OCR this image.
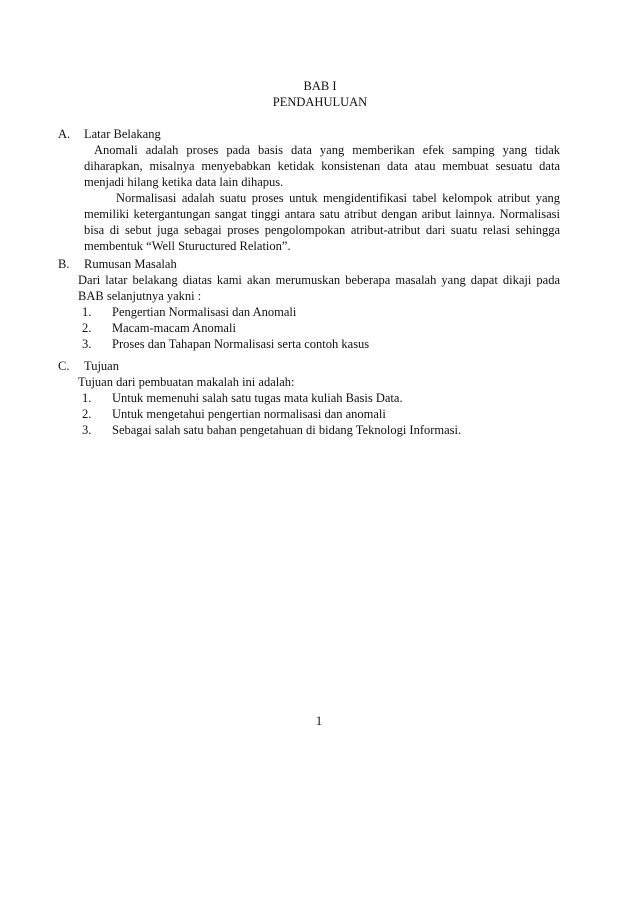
BAB I
PENDAHULUAN
A. Latar Belakang

Anomali adalah proses pada basis data yang memberikan efek samping yang tidak diharapkan, misalnya menyebabkan ketidak konsistenan data atau membuat sesuatu data menjadi hilang ketika data lain dihapus.

Normalisasi adalah suatu proses untuk mengidentifikasi tabel kelompok atribut yang memiliki ketergantungan sangat tinggi antara satu atribut dengan aribut lainnya. Normalisasi bisa di sebut juga sebagai proses pengolompokan atribut-atribut dari suatu relasi sehingga membentuk “Well Stuructured Relation”.

B. Rumusan Masalah
Dari latar belakang diatas kami akan merumuskan beberapa masalah yang dapat dikaji pada BAB selanjutnya yakni :
1. Pengertian Normalisasi dan Anomali
2. Macam-macam Anomali
3. Proses dan Tahapan Normalisasi serta contoh kasus
C. Tujuan
Tujuan dari pembuatan makalah ini adalah:
1. Untuk memenuhi salah satu tugas mata kuliah Basis Data.
2. Untuk mengetahui pengertian normalisasi dan anomali
3. Sebagai salah satu bahan pengetahuan di bidang Teknologi Informasi.
1
